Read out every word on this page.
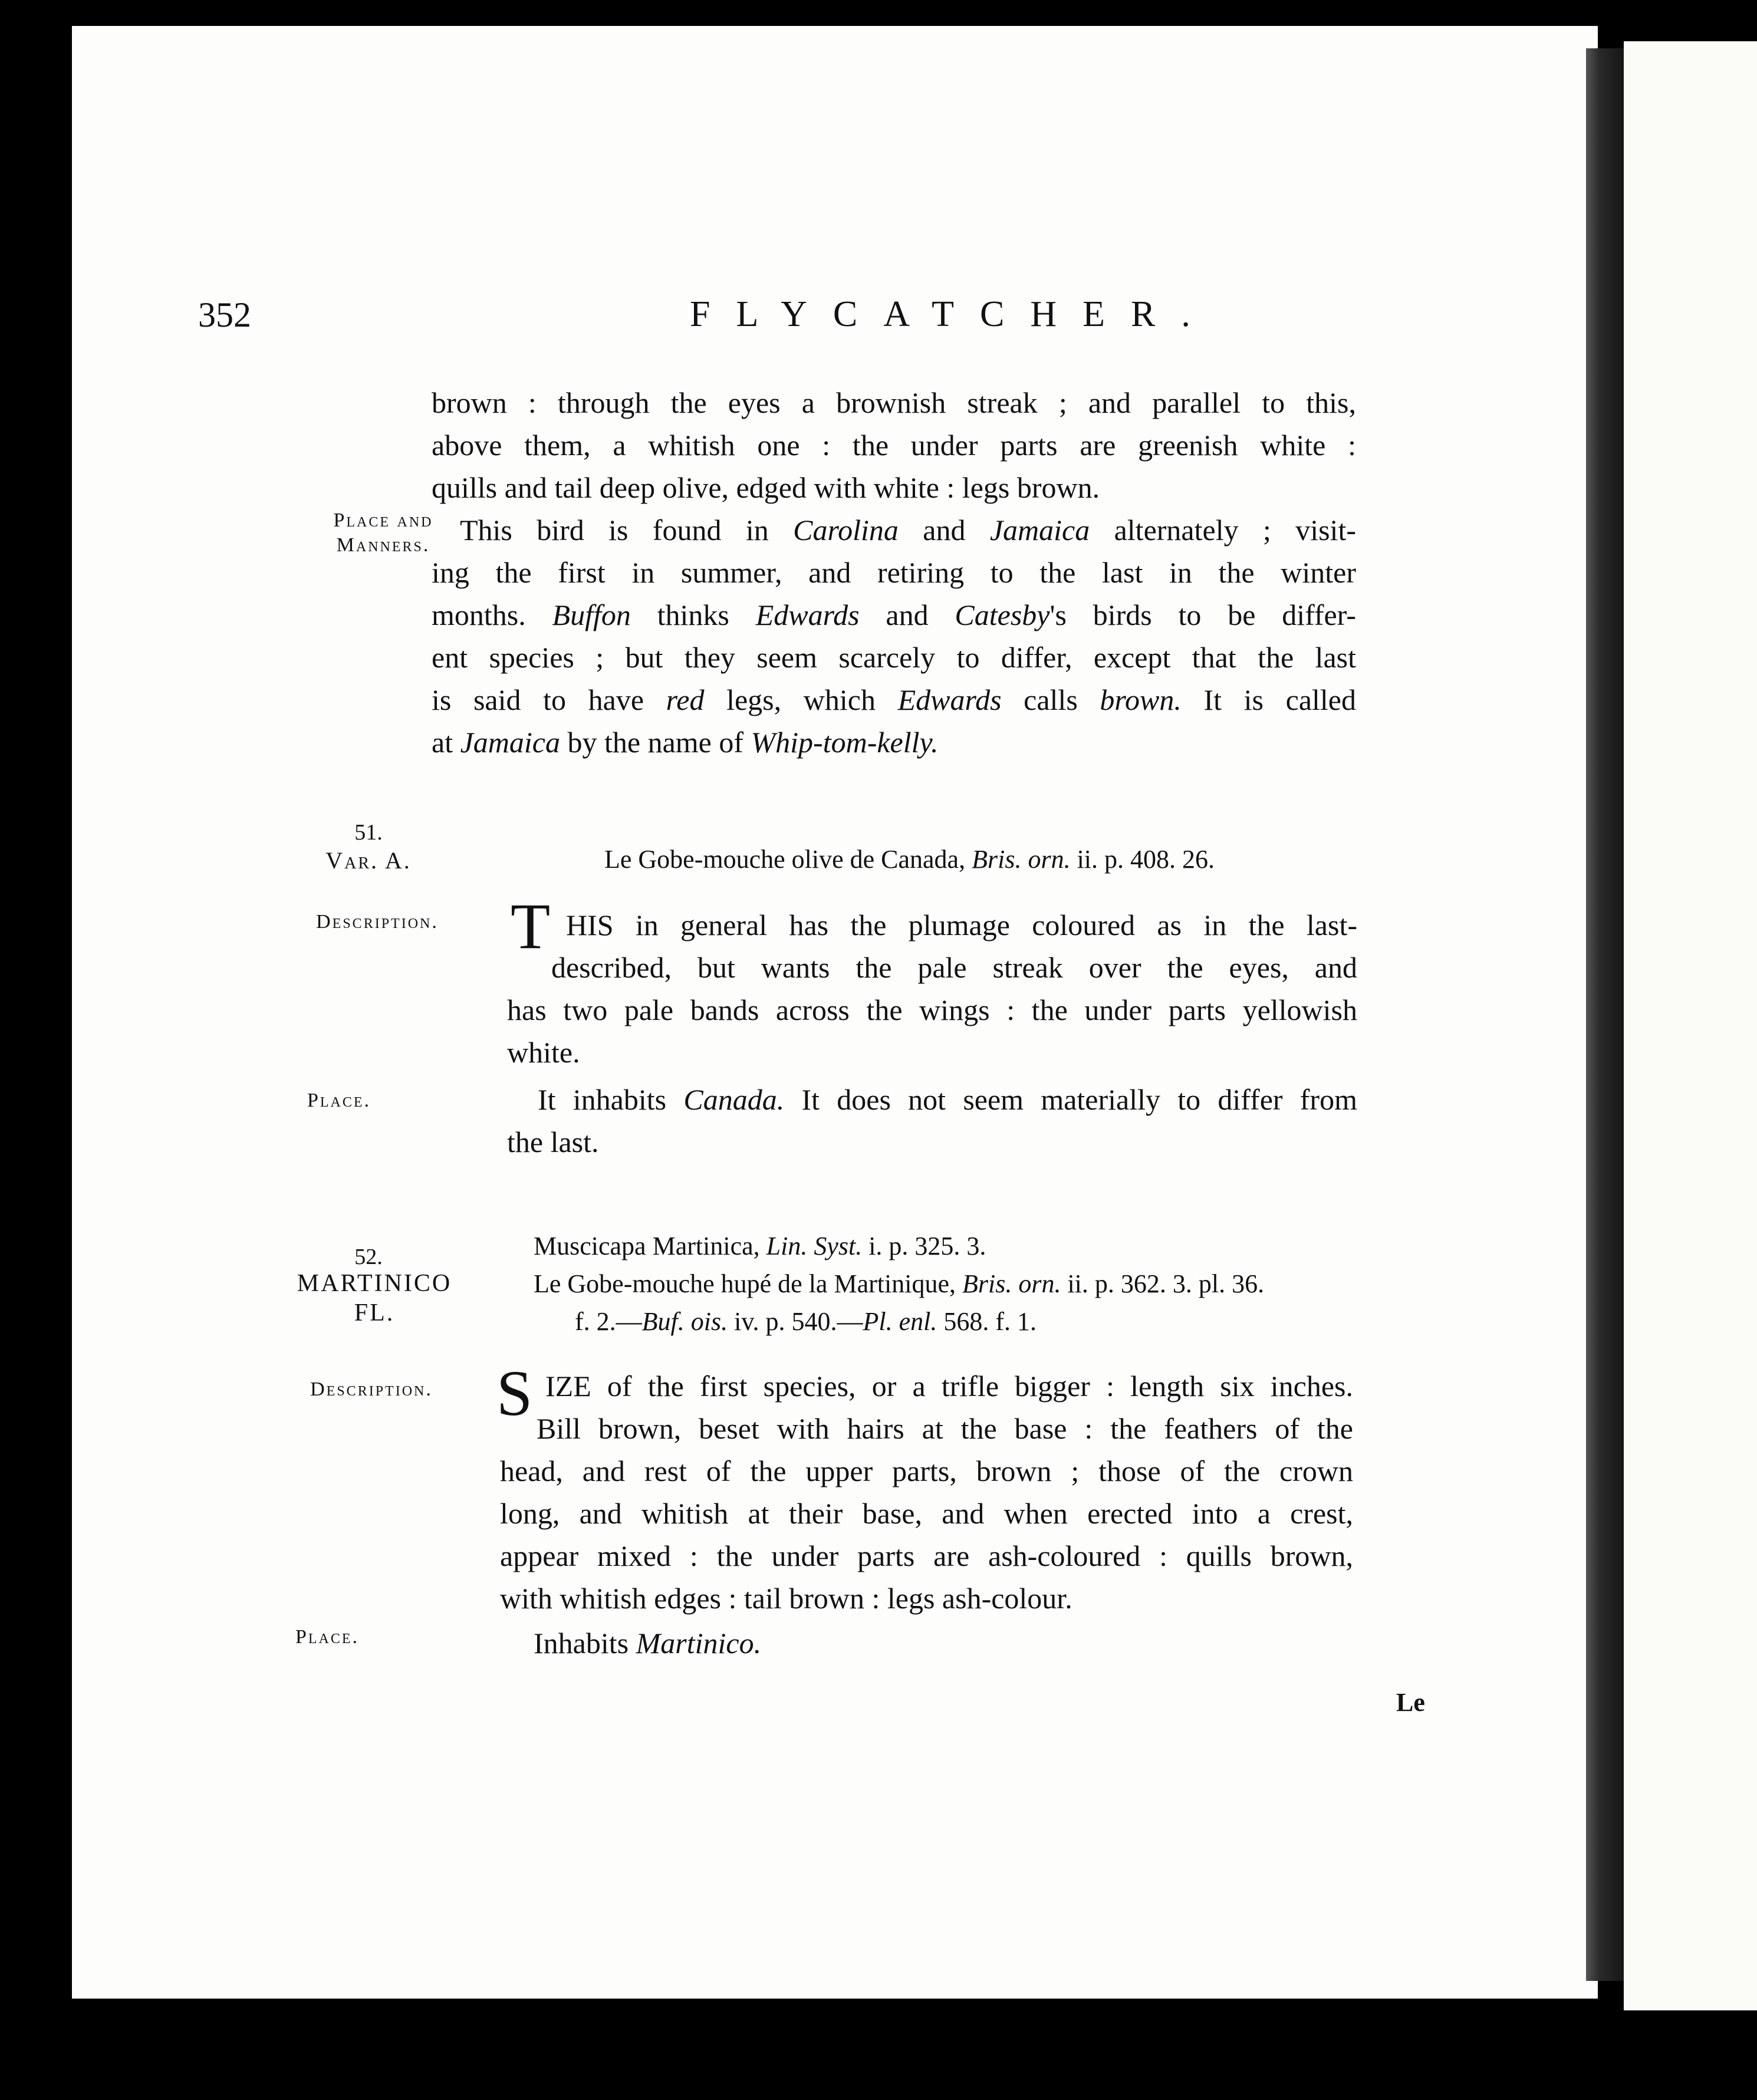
352	FLYCATCHER.
Place and
Manners.
51.
Var. A.
Description.
Place.
52.
MARTINICO
FL.
Description.
Place.
brown : through the eyes a brownish streak ; and parallel to this,
above them, a whitish one : the under parts are greenish white :
quills and tail deep olive, edged with white : legs brown.
This bird is found in Carolina and Jamaica alternately ; visit-
ing the first in summer, and retiring to the last in the winter
months. Buffon thinks Edwards and Catesby's birds to be differ-
ent species ; but they seem scarcely to differ, except that the last
is said to have red legs, which Edwards calls brown. It is called
at Jamaica by the name of Whip-tom-kelly.
Le Gobe-mouche olive de Canada, Bris. orn. ii. p. 408. 26.
T HIS in general has the plumage coloured as in the last-
described, but wants the pale streak over the eyes, and
has two pale bands across the wings : the under parts yellowish
white.
It inhabits Canada. It does not seem materially to differ from
the last.
Muscicapa Martinica, Lin. Syst. i. p. 325. 3.
Le Gobe-mouche hupé de la Martinique, Bris. orn. ii. p. 362. 3. pl. 36.
f. 2.—Buf. ois. iv. p. 540.—Pl. enl. 568. f. 1.
S IZE of the first species, or a trifle bigger : length six inches.
Bill brown, beset with hairs at the base : the feathers of the
head, and rest of the upper parts, brown ; those of the crown
long, and whitish at their base, and when erected into a crest,
appear mixed : the under parts are ash-coloured : quills brown,
with whitish edges : tail brown : legs ash-colour.
Inhabits Martinico.
Le
